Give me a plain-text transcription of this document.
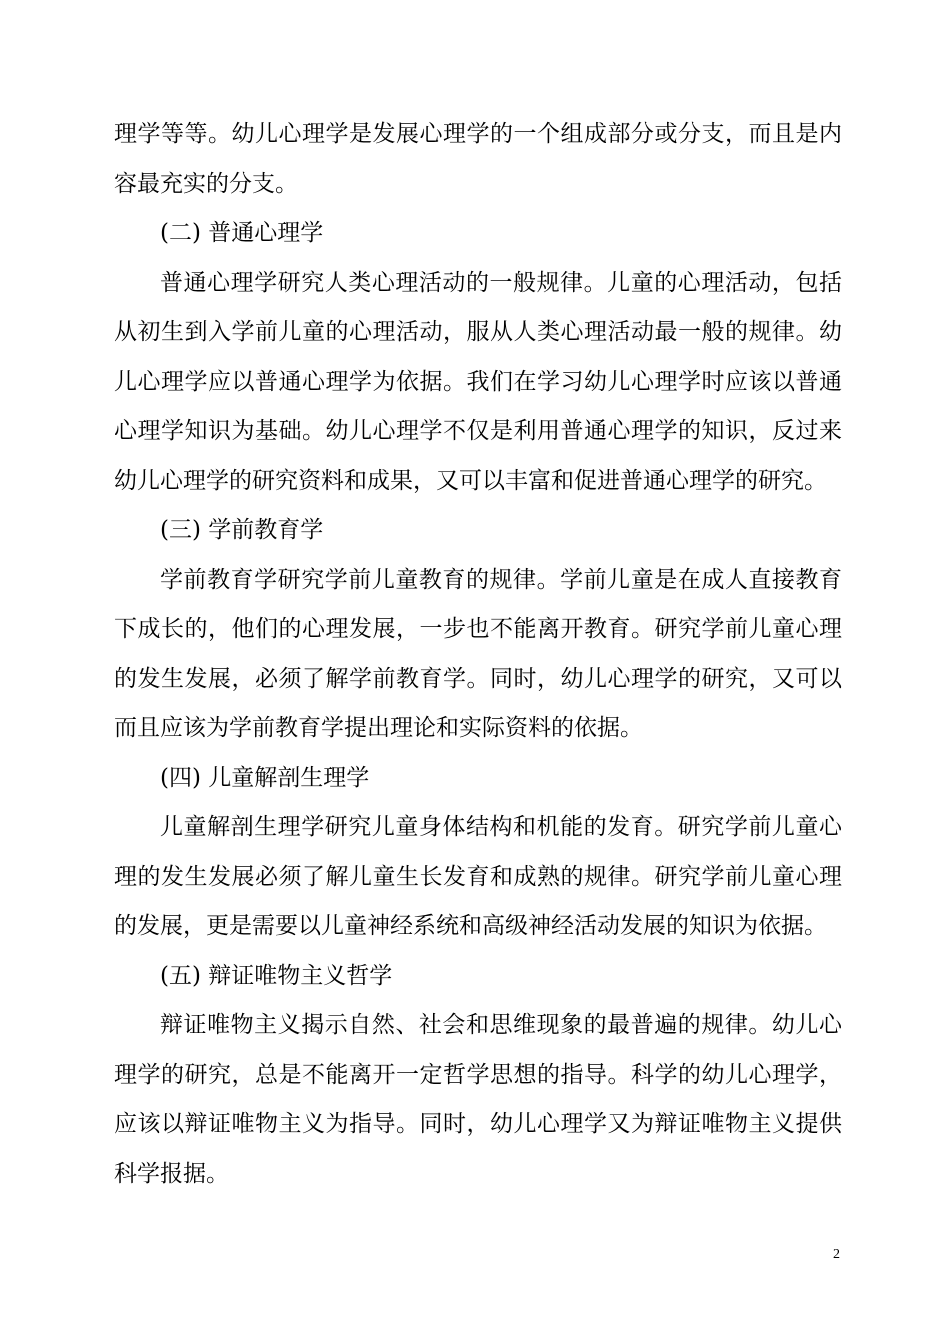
理学等等。幼儿心理学是发展心理学的一个组成部分或分支，而且是内容最充实的分支。

(二) 普通心理学

普通心理学研究人类心理活动的一般规律。儿童的心理活动，包括从初生到入学前儿童的心理活动，服从人类心理活动最一般的规律。幼儿心理学应以普通心理学为依据。我们在学习幼儿心理学时应该以普通心理学知识为基础。幼儿心理学不仅是利用普通心理学的知识，反过来幼儿心理学的研究资料和成果，又可以丰富和促进普通心理学的研究。

(三) 学前教育学

学前教育学研究学前儿童教育的规律。学前儿童是在成人直接教育下成长的，他们的心理发展，一步也不能离开教育。研究学前儿童心理的发生发展，必须了解学前教育学。同时，幼儿心理学的研究，又可以而且应该为学前教育学提出理论和实际资料的依据。

(四) 儿童解剖生理学

儿童解剖生理学研究儿童身体结构和机能的发育。研究学前儿童心理的发生发展必须了解儿童生长发育和成熟的规律。研究学前儿童心理的发展，更是需要以儿童神经系统和高级神经活动发展的知识为依据。

(五) 辩证唯物主义哲学

辩证唯物主义揭示自然、社会和思维现象的最普遍的规律。幼儿心理学的研究，总是不能离开一定哲学思想的指导。科学的幼儿心理学，应该以辩证唯物主义为指导。同时，幼儿心理学又为辩证唯物主义提供科学报据。

2
